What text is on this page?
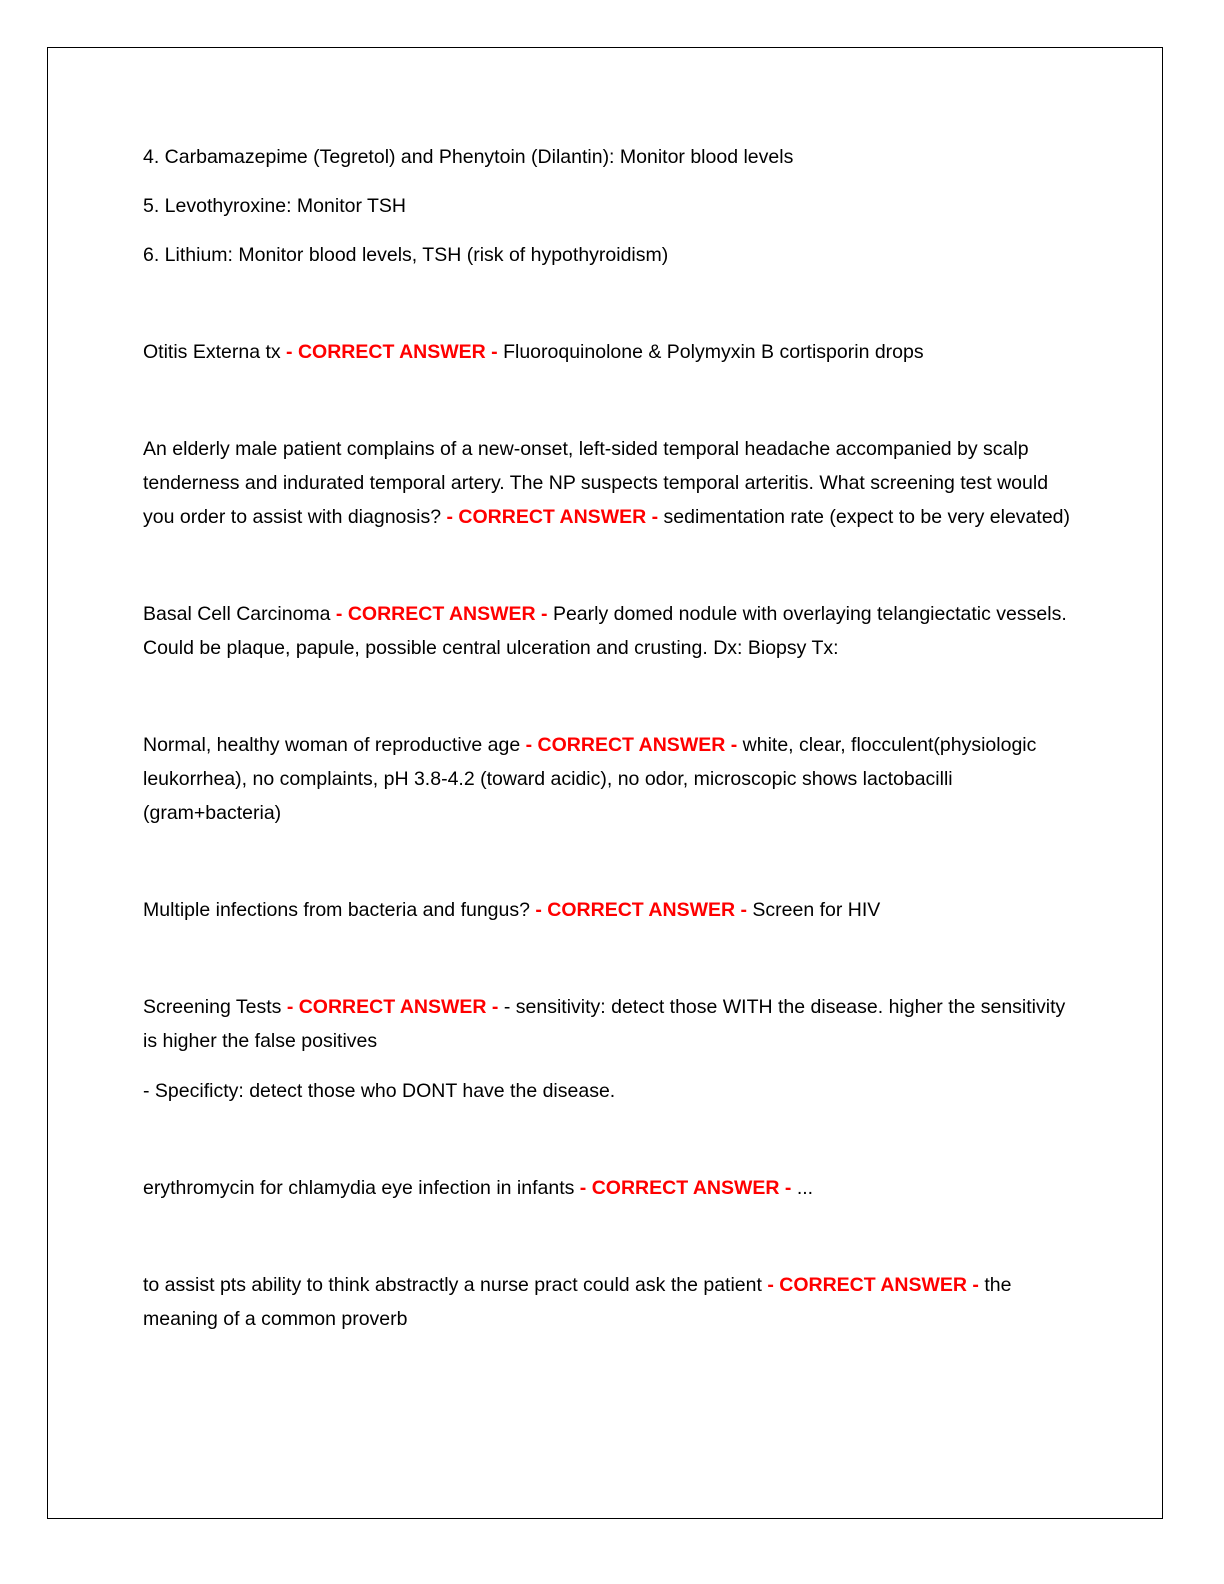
4. Carbamazepime (Tegretol) and Phenytoin (Dilantin): Monitor blood levels

5. Levothyroxine: Monitor TSH

6. Lithium: Monitor blood levels, TSH (risk of hypothyroidism)

Otitis Externa tx - CORRECT ANSWER - Fluoroquinolone & Polymyxin B cortisporin drops

An elderly male patient complains of a new-onset, left-sided temporal headache accompanied by scalp tenderness and indurated temporal artery. The NP suspects temporal arteritis. What screening test would you order to assist with diagnosis? - CORRECT ANSWER - sedimentation rate (expect to be very elevated)

Basal Cell Carcinoma - CORRECT ANSWER - Pearly domed nodule with overlaying telangiectatic vessels. Could be plaque, papule, possible central ulceration and crusting. Dx: Biopsy Tx:

Normal, healthy woman of reproductive age - CORRECT ANSWER - white, clear, flocculent(physiologic leukorrhea), no complaints, pH 3.8-4.2 (toward acidic), no odor, microscopic shows lactobacilli (gram+bacteria)

Multiple infections from bacteria and fungus? - CORRECT ANSWER - Screen for HIV

Screening Tests - CORRECT ANSWER - - sensitivity: detect those WITH the disease. higher the sensitivity is higher the false positives

- Specificty: detect those who DONT have the disease.

erythromycin for chlamydia eye infection in infants - CORRECT ANSWER - ...

to assist pts ability to think abstractly a nurse pract could ask the patient - CORRECT ANSWER - the meaning of a common proverb
